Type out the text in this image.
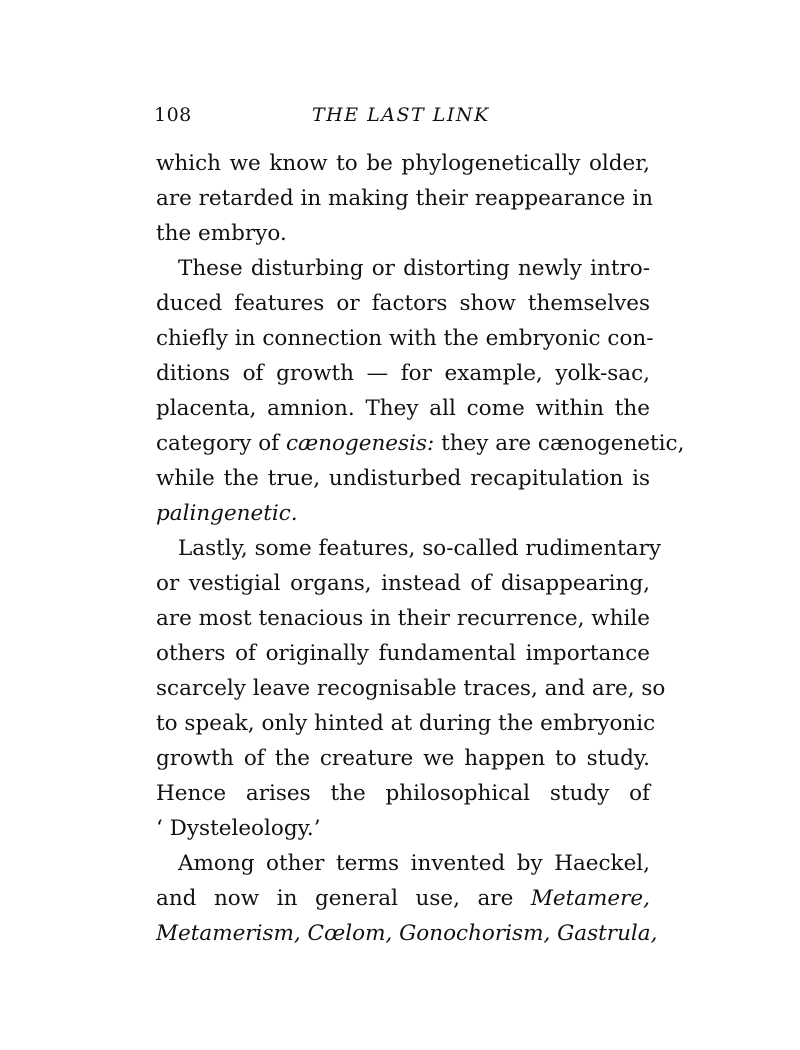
108	THE LAST LINK
which we know to be phylogenetically older,
are retarded in making their reappearance in
the embryo.
These disturbing or distorting newly intro-
duced features or factors show themselves
chiefly in connection with the embryonic con-
ditions of growth — for example, yolk-sac,
placenta, amnion. They all come within the
category of cænogenesis: they are cænogenetic,
while the true, undisturbed recapitulation is
palingenetic.
Lastly, some features, so-called rudimentary
or vestigial organs, instead of disappearing,
are most tenacious in their recurrence, while
others of originally fundamental importance
scarcely leave recognisable traces, and are, so
to speak, only hinted at during the embryonic
growth of the creature we happen to study.
Hence arises the philosophical study of
‘ Dysteleology.’
Among other terms invented by Haeckel,
and now in general use, are Metamere,
Metamerism, Cœlom, Gonochorism, Gastrula,
